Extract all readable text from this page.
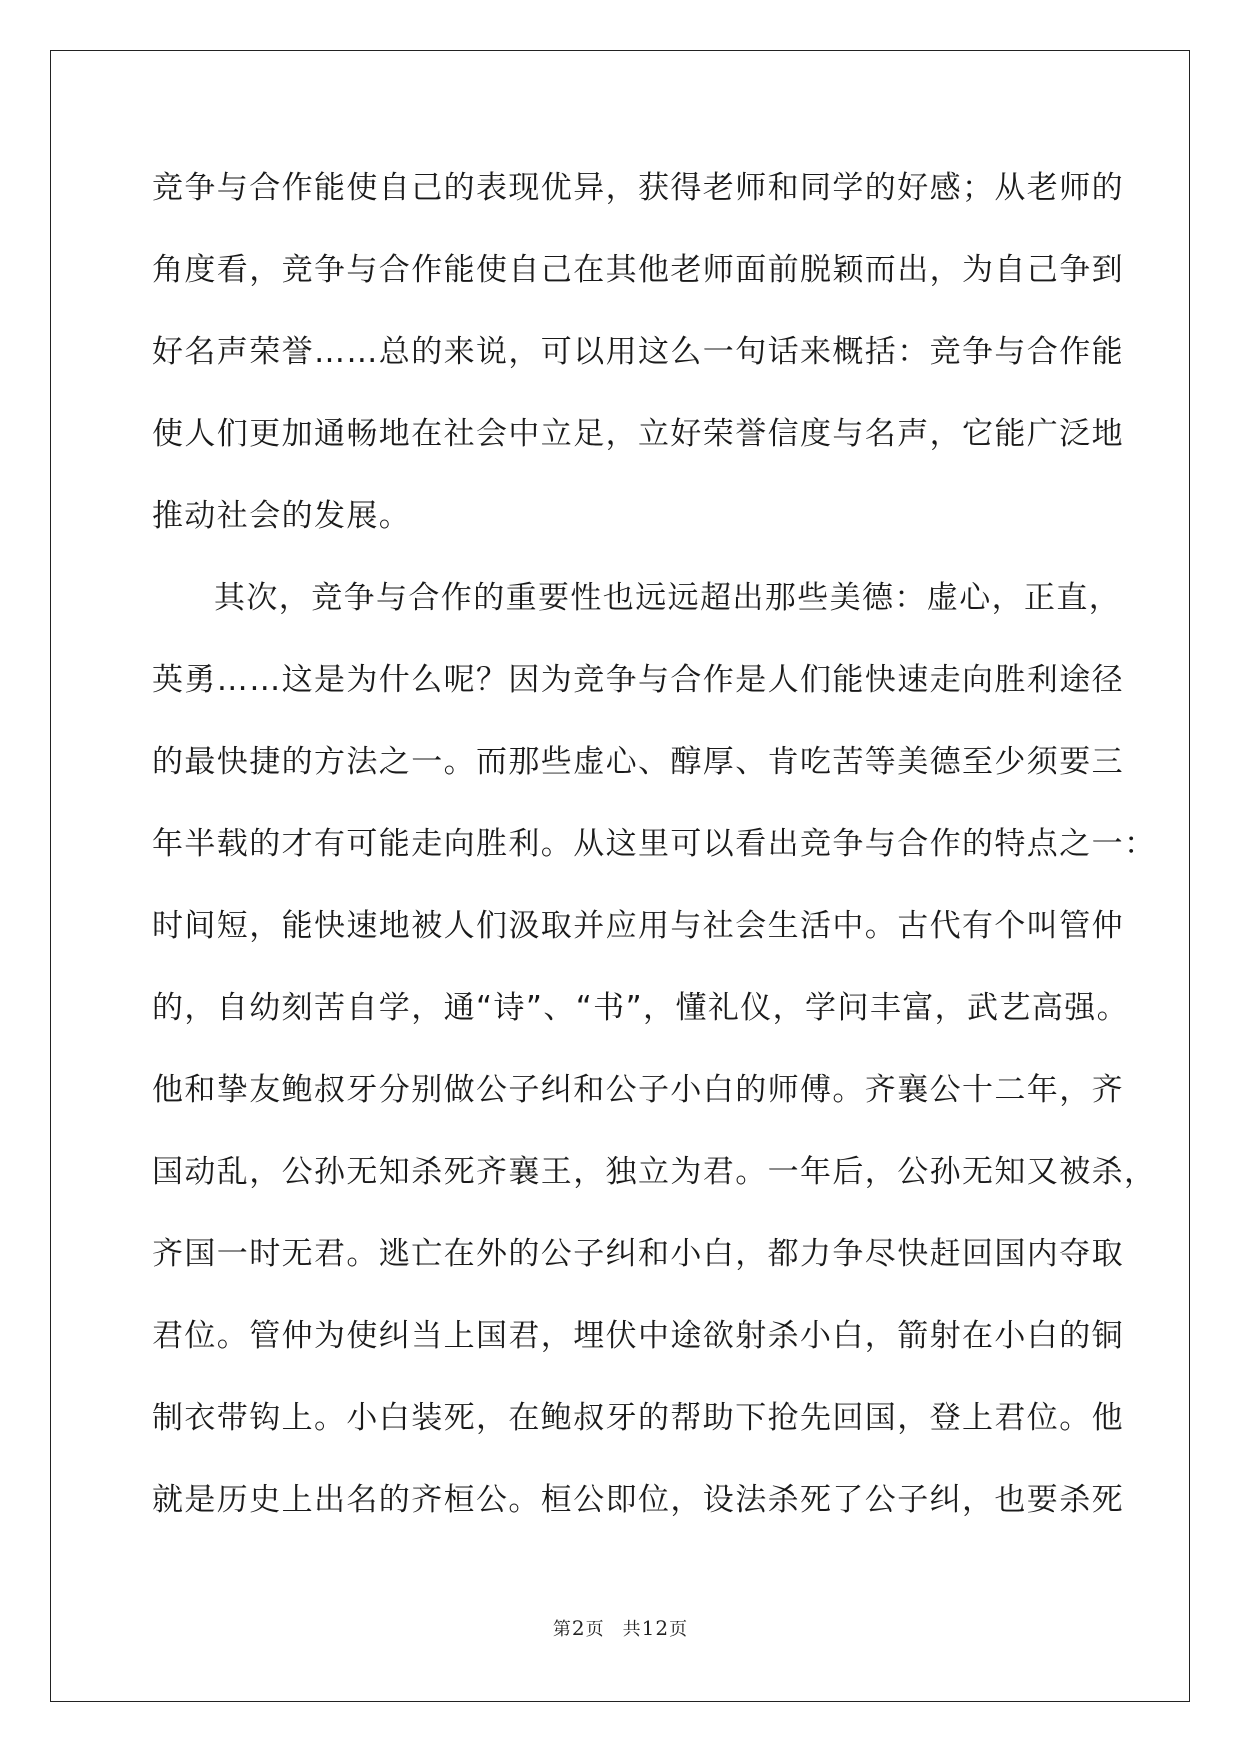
竞争与合作能使自己的表现优异，获得老师和同学的好感；从老师的
角度看，竞争与合作能使自己在其他老师面前脱颖而出，为自己争到
好名声荣誉……总的来说，可以用这么一句话来概括：竞争与合作能
使人们更加通畅地在社会中立足，立好荣誉信度与名声，它能广泛地
推动社会的发展。
其次，竞争与合作的重要性也远远超出那些美德：虚心，正直，
英勇……这是为什么呢？因为竞争与合作是人们能快速走向胜利途径
的最快捷的方法之一。而那些虚心、醇厚、肯吃苦等美德至少须要三
年半载的才有可能走向胜利。从这里可以看出竞争与合作的特点之一：
时间短，能快速地被人们汲取并应用与社会生活中。古代有个叫管仲
的，自幼刻苦自学，通“诗”、“书”，懂礼仪，学问丰富，武艺高强。
他和挚友鲍叔牙分别做公子纠和公子小白的师傅。齐襄公十二年，齐
国动乱，公孙无知杀死齐襄王，独立为君。一年后，公孙无知又被杀，
齐国一时无君。逃亡在外的公子纠和小白，都力争尽快赶回国内夺取
君位。管仲为使纠当上国君，埋伏中途欲射杀小白，箭射在小白的铜
制衣带钩上。小白装死，在鲍叔牙的帮助下抢先回国，登上君位。他
就是历史上出名的齐桓公。桓公即位，设法杀死了公子纠，也要杀死
第2页 共12页
